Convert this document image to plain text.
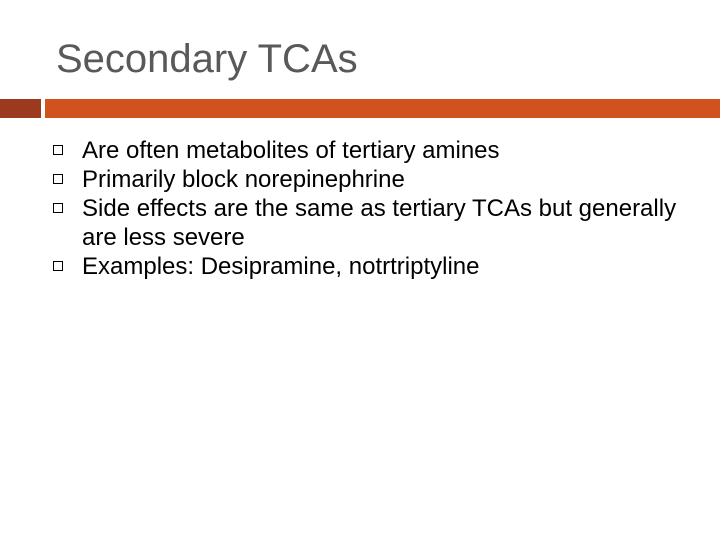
Secondary TCAs
Are often metabolites of tertiary amines
Primarily block norepinephrine
Side effects are the same as tertiary TCAs but generally are less severe
Examples: Desipramine, notrtriptyline
